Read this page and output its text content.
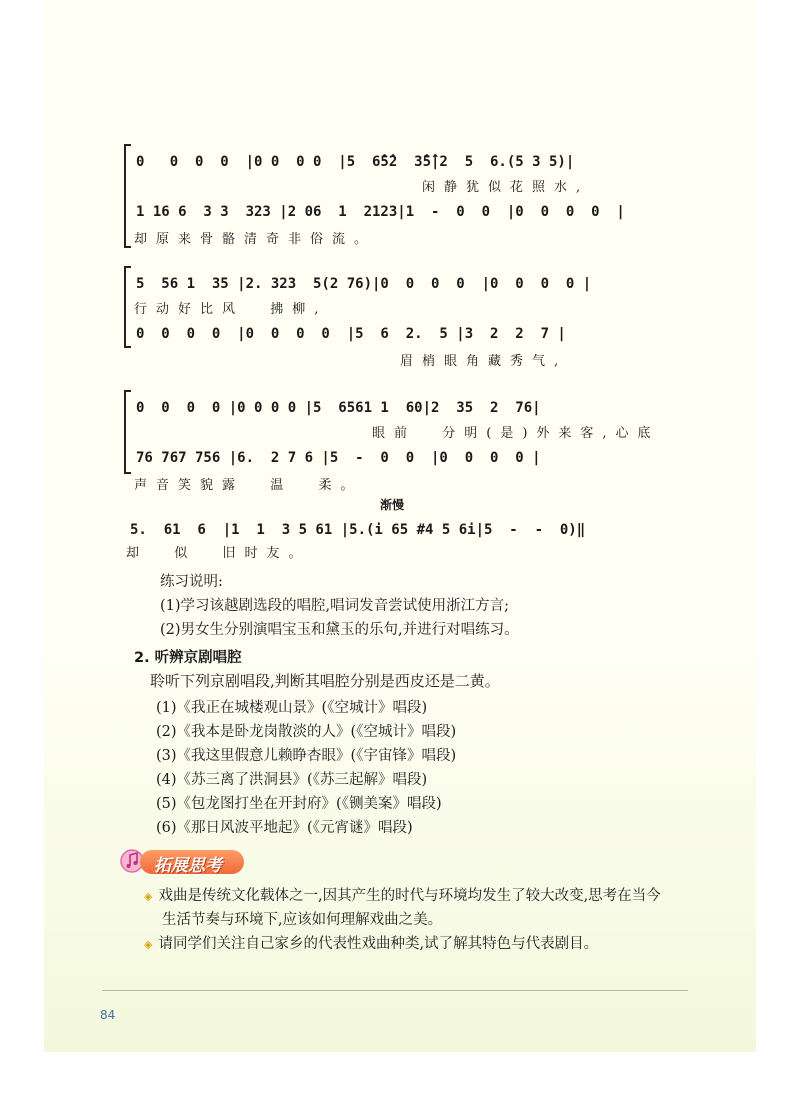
0   0  0  0  |0 0  0 0  |5  6̂5̂2  3̂5̂|2  5  6.(5 3 5)|
闲静犹似花照水,
1 16 6  3 3  323 |2 06  1  2123|1  -  0  0  |0  0  0  0  |
却原来骨骼清奇非俗流。
5  56 1  35 |2. 323  5(2 76)|0  0  0  0  |0  0  0  0 |
行动好比风  拂柳,
0  0  0  0  |0  0  0  0  |5  6  2.  5 |3  2  2  7 |
眉梢眼角藏秀气,
0  0  0  0 |0 0 0 0 |5  6561 1  60|2  35  2  76|
眼前  分明(是)外来客,心底
76 767 756 |6.  2 7 6 |5  -  0  0  |0  0  0  0 |
声音笑貌露  温  柔。
渐慢
5.  61  6  |1  1  3 5 61 |5.(i 65 #4 5 6i|5  -  -  0)‖
却  似  旧时友。
练习说明:
(1)学习该越剧选段的唱腔,唱词发音尝试使用浙江方言;
(2)男女生分别演唱宝玉和黛玉的乐句,并进行对唱练习。
2. 听辨京剧唱腔
聆听下列京剧唱段,判断其唱腔分别是西皮还是二黄。
(1)《我正在城楼观山景》(《空城计》唱段)
(2)《我本是卧龙岗散淡的人》(《空城计》唱段)
(3)《我这里假意儿赖睁杏眼》(《宇宙锋》唱段)
(4)《苏三离了洪洞县》(《苏三起解》唱段)
(5)《包龙图打坐在开封府》(《铡美案》唱段)
(6)《那日风波平地起》(《元宵谜》唱段)
拓展思考
◈ 戏曲是传统文化载体之一,因其产生的时代与环境均发生了较大改变,思考在当今
生活节奏与环境下,应该如何理解戏曲之美。
◈ 请同学们关注自己家乡的代表性戏曲种类,试了解其特色与代表剧目。
84
